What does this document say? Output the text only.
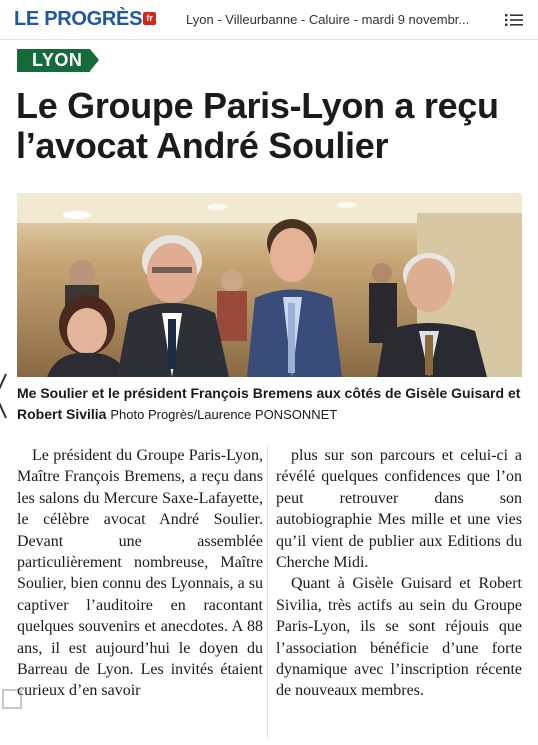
LE PROGRÈS fr	Lyon - Villeurbanne - Caluire - mardi 9 novembr...
LYON
Le Groupe Paris-Lyon a reçu l’avocat André Soulier
Me Soulier et le président François Bremens aux côtés de Gisèle Guisard et Robert Sivilia Photo Progrès/Laurence PONSONNET

Le président du Groupe Paris-Lyon, Maître François Bremens, a reçu dans les salons du Mercure Saxe-Lafayette, le célèbre avocat André Soulier. Devant une assemblée particulièrement nombreuse, Maître Soulier, bien connu des Lyonnais, a su captiver l’auditoire en racontant quelques souvenirs et anecdotes. A 88 ans, il est aujourd’hui le doyen du Barreau de Lyon. Les invités étaient curieux d’en savoir

plus sur son parcours et celui-ci a révélé quelques confidences que l’on peut retrouver dans son autobiographie Mes mille et une vies qu’il vient de publier aux Editions du Cherche Midi.

Quant à Gisèle Guisard et Robert Sivilia, très actifs au sein du Groupe Paris-Lyon, ils se sont réjouis que l’association bénéficie d’une forte dynamique avec l’inscription récente de nouveaux membres.
